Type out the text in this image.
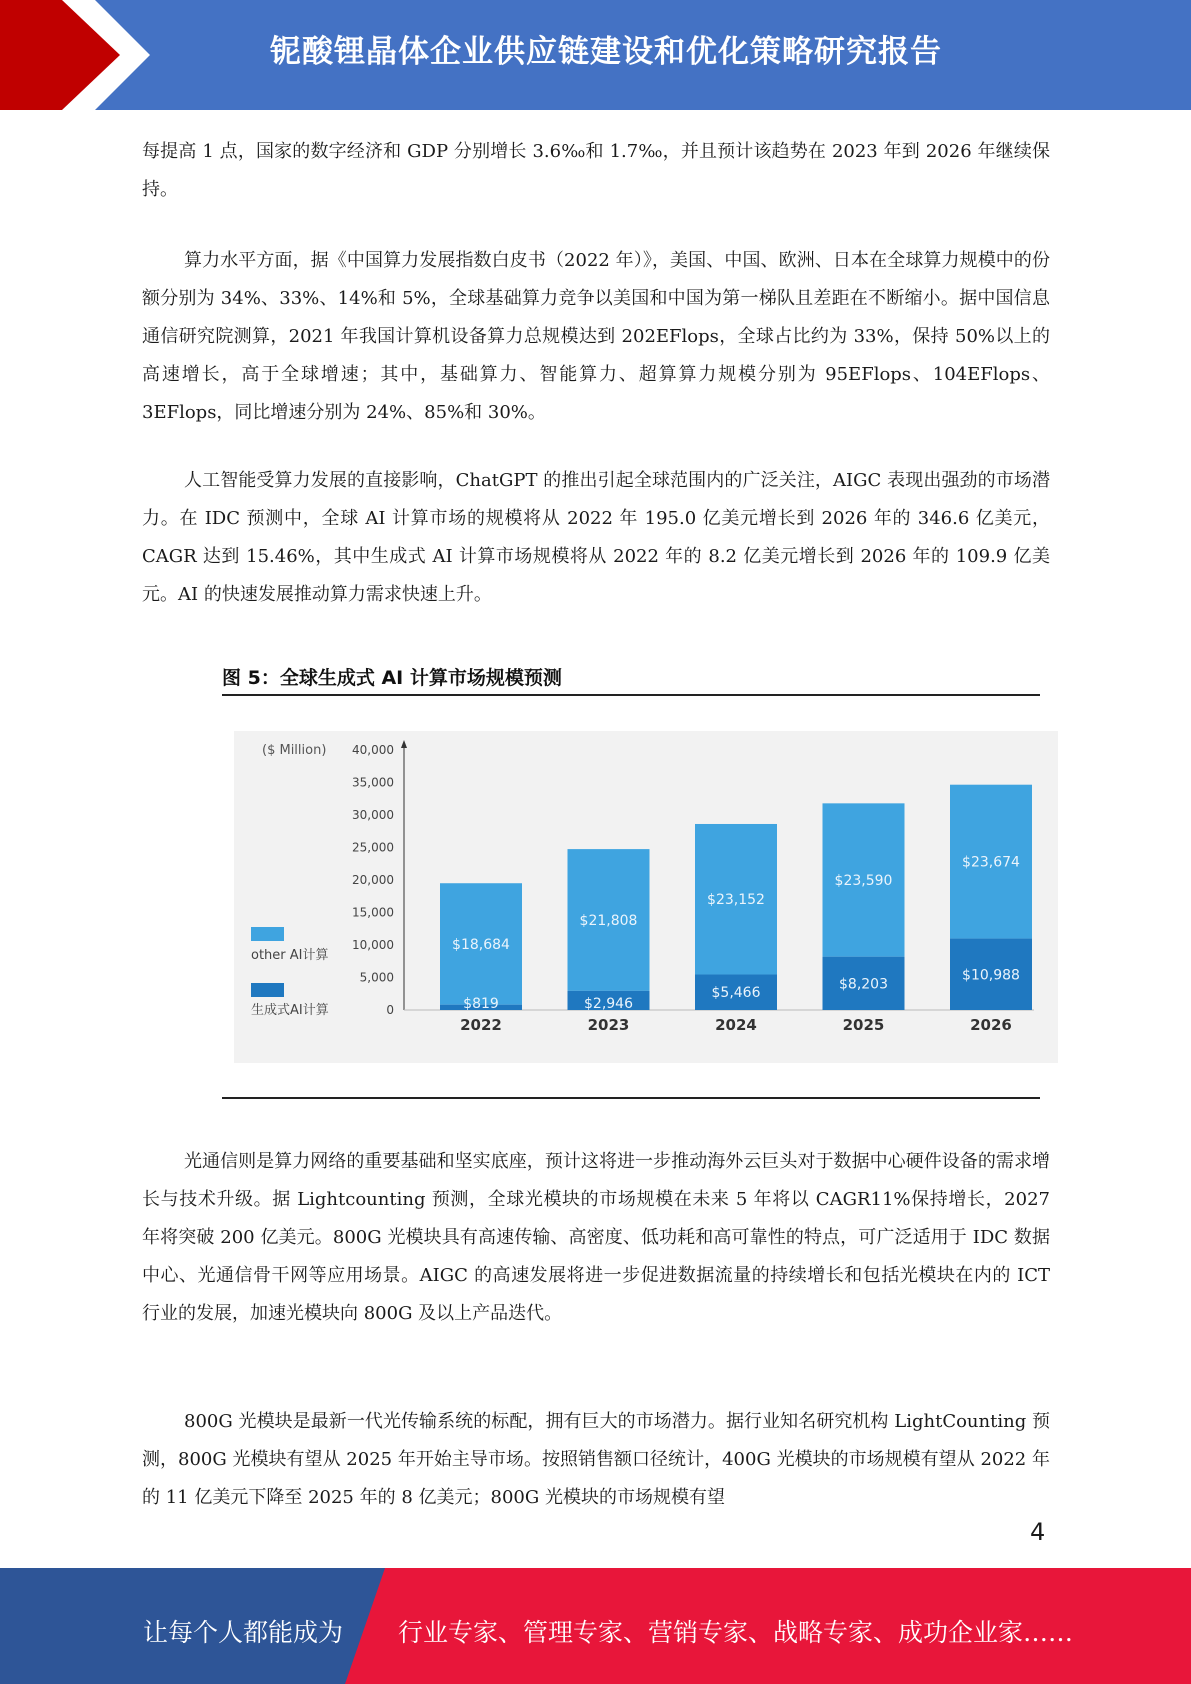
铌酸锂晶体企业供应链建设和优化策略研究报告

每提高 1 点，国家的数字经济和 GDP 分别增长 3.6‰和 1.7‰，并且预计该趋势在 2023 年到 2026 年继续保持。

算力水平方面，据《中国算力发展指数白皮书（2022 年）》，美国、中国、欧洲、日本在全球算力规模中的份额分别为 34%、33%、14%和 5%，全球基础算力竞争以美国和中国为第一梯队且差距在不断缩小。据中国信息通信研究院测算，2021 年我国计算机设备算力总规模达到 202EFlops，全球占比约为 33%，保持 50%以上的高速增长，高于全球增速；其中，基础算力、智能算力、超算算力规模分别为 95EFlops、104EFlops、3EFlops，同比增速分别为 24%、85%和 30%。

人工智能受算力发展的直接影响，ChatGPT 的推出引起全球范围内的广泛关注，AIGC 表现出强劲的市场潜力。在 IDC 预测中，全球 AI 计算市场的规模将从 2022 年 195.0 亿美元增长到 2026 年的 346.6 亿美元，CAGR 达到 15.46%，其中生成式 AI 计算市场规模将从 2022 年的 8.2 亿美元增长到 2026 年的 109.9 亿美元。AI 的快速发展推动算力需求快速上升。

图 5：全球生成式 AI 计算市场规模预测
0
5,000
10,000
15,000
20,000
25,000
30,000
35,000
40,000
($ Million)
$18,684
$819
2022
$21,808
$2,946
2023
$23,152
$5,466
2024
$23,590
$8,203
2025
$23,674
$10,988
2026
other AI计算
生成式AI计算

光通信则是算力网络的重要基础和坚实底座，预计这将进一步推动海外云巨头对于数据中心硬件设备的需求增长与技术升级。据 Lightcounting 预测，全球光模块的市场规模在未来 5 年将以 CAGR11%保持增长，2027 年将突破 200 亿美元。800G 光模块具有高速传输、高密度、低功耗和高可靠性的特点，可广泛适用于 IDC 数据中心、光通信骨干网等应用场景。AIGC 的高速发展将进一步促进数据流量的持续增长和包括光模块在内的 ICT 行业的发展，加速光模块向 800G 及以上产品迭代。

800G 光模块是最新一代光传输系统的标配，拥有巨大的市场潜力。据行业知名研究机构 LightCounting 预测，800G 光模块有望从 2025 年开始主导市场。按照销售额口径统计，400G 光模块的市场规模有望从 2022 年的 11 亿美元下降至 2025 年的 8 亿美元；800G 光模块的市场规模有望

4
让每个人都能成为 行业专家、管理专家、营销专家、战略专家、成功企业家……
